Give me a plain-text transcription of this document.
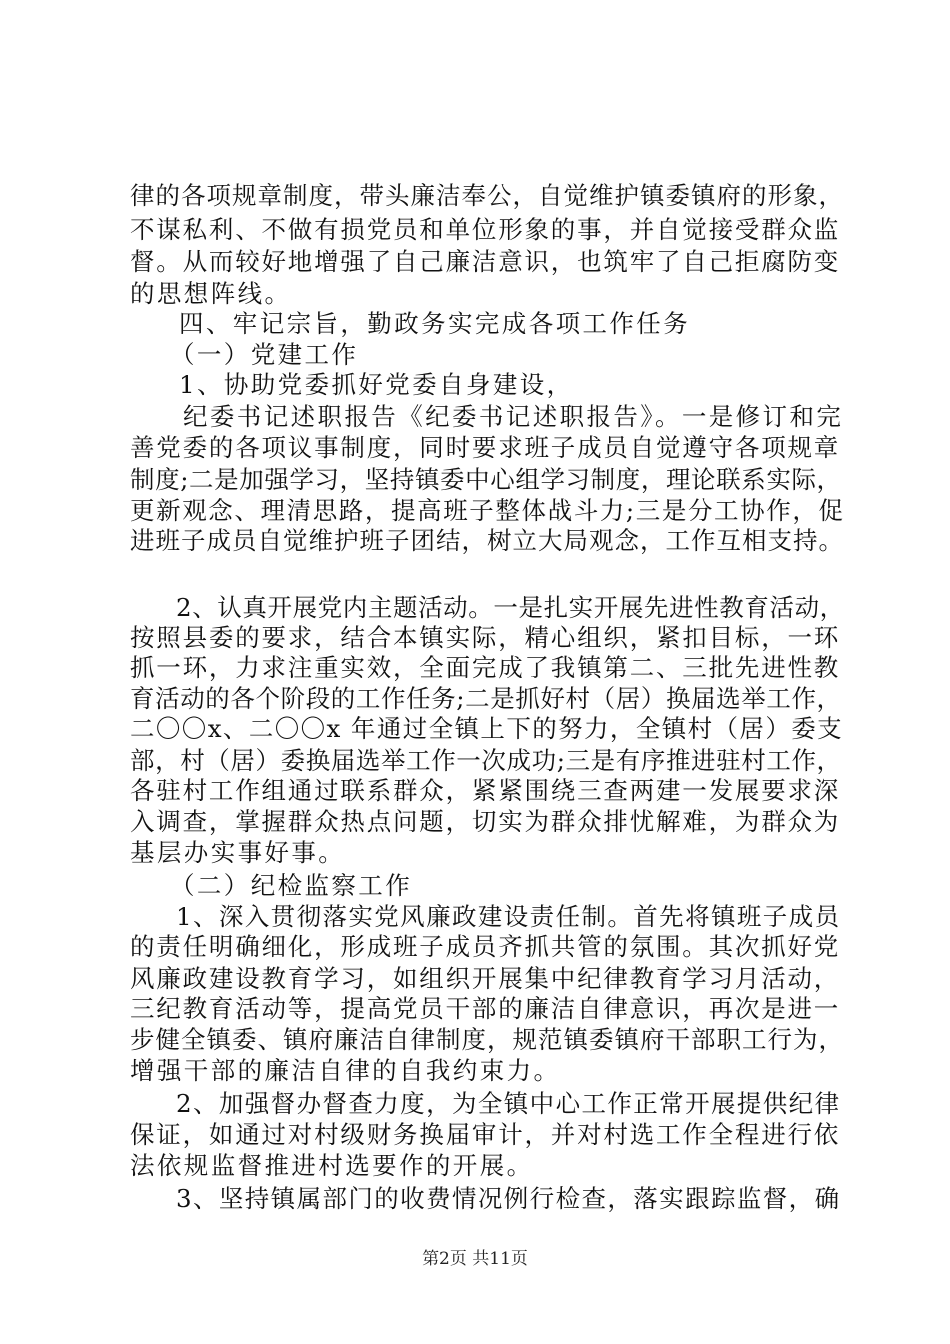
律的各项规章制度，带头廉洁奉公，自觉维护镇委镇府的形象，
不谋私利、不做有损党员和单位形象的事，并自觉接受群众监
督。从而较好地增强了自己廉洁意识，也筑牢了自己拒腐防变
的思想阵线。
四、牢记宗旨，勤政务实完成各项工作任务
（一）党建工作
1、协助党委抓好党委自身建设，
纪委书记述职报告《纪委书记述职报告》。一是修订和完
善党委的各项议事制度，同时要求班子成员自觉遵守各项规章
制度;二是加强学习，坚持镇委中心组学习制度，理论联系实际，
更新观念、理清思路，提高班子整体战斗力;三是分工协作，促
进班子成员自觉维护班子团结，树立大局观念，工作互相支持。
2、认真开展党内主题活动。一是扎实开展先进性教育活动，
按照县委的要求，结合本镇实际，精心组织，紧扣目标，一环
抓一环，力求注重实效，全面完成了我镇第二、三批先进性教
育活动的各个阶段的工作任务;二是抓好村（居）换届选举工作，
二〇〇x、二〇〇x 年通过全镇上下的努力，全镇村（居）委支
部，村（居）委换届选举工作一次成功;三是有序推进驻村工作，
各驻村工作组通过联系群众，紧紧围绕三查两建一发展要求深
入调查，掌握群众热点问题，切实为群众排忧解难，为群众为
基层办实事好事。
（二）纪检监察工作
1、深入贯彻落实党风廉政建设责任制。首先将镇班子成员
的责任明确细化，形成班子成员齐抓共管的氛围。其次抓好党
风廉政建设教育学习，如组织开展集中纪律教育学习月活动，
三纪教育活动等，提高党员干部的廉洁自律意识，再次是进一
步健全镇委、镇府廉洁自律制度，规范镇委镇府干部职工行为，
增强干部的廉洁自律的自我约束力。
2、加强督办督查力度，为全镇中心工作正常开展提供纪律
保证，如通过对村级财务换届审计，并对村选工作全程进行依
法依规监督推进村选要作的开展。
3、坚持镇属部门的收费情况例行检查，落实跟踪监督，确
第2页 共11页
